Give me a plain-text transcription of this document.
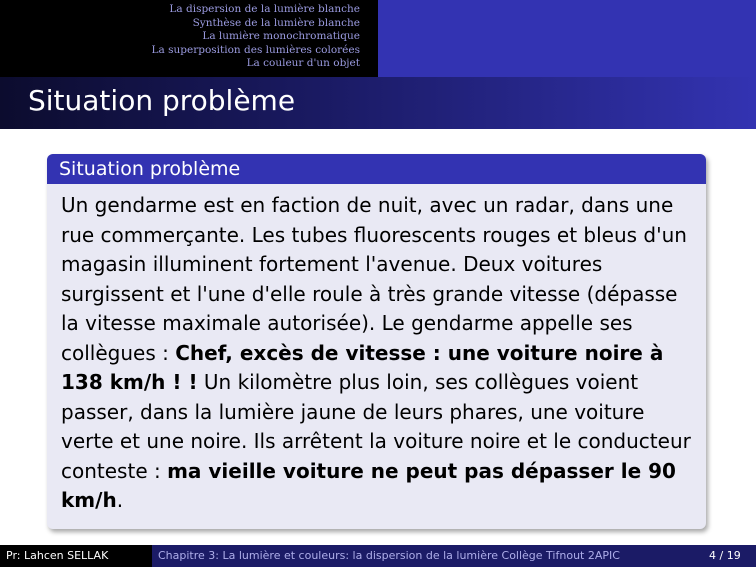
La dispersion de la lumière blanche
Synthèse de la lumière blanche
La lumière monochromatique
La superposition des lumières colorées
La couleur d'un objet
Situation problème
Situation problème
Un gendarme est en faction de nuit, avec un radar, dans une rue commerçante. Les tubes fluorescents rouges et bleus d'un magasin illuminent fortement l'avenue. Deux voitures surgissent et l'une d'elle roule à très grande vitesse (dépasse la vitesse maximale autorisée). Le gendarme appelle ses collègues : Chef, excès de vitesse : une voiture noire à 138 km/h ! ! Un kilomètre plus loin, ses collègues voient passer, dans la lumière jaune de leurs phares, une voiture verte et une noire. Ils arrêtent la voiture noire et le conducteur conteste : ma vieille voiture ne peut pas dépasser le 90 km/h.
Pr: Lahcen SELLAK	Chapitre 3: La lumière et couleurs: la dispersion de la lumière Collège Tifnout 2APIC	4 / 19
